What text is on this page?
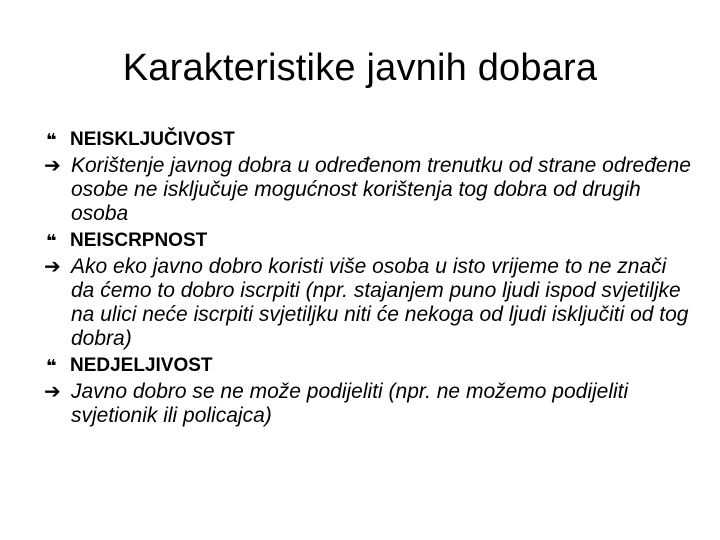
Karakteristike javnih dobara
❝ NEISKLJUČIVOST
➔ Korištenje javnog dobra u određenom trenutku od strane određene osobe ne isključuje mogućnost korištenja tog dobra od drugih osoba
❝ NEISCRPNOST
➔ Ako eko javno dobro koristi više osoba u isto vrijeme to ne znači da ćemo to dobro iscrpiti (npr. stajanjem puno ljudi ispod svjetiljke na ulici neće iscrpiti svjetiljku niti će nekoga od ljudi isključiti od tog dobra)
❝ NEDJELJIVOST
➔ Javno dobro se ne može podijeliti (npr. ne možemo podijeliti svjetionik ili policajca)
